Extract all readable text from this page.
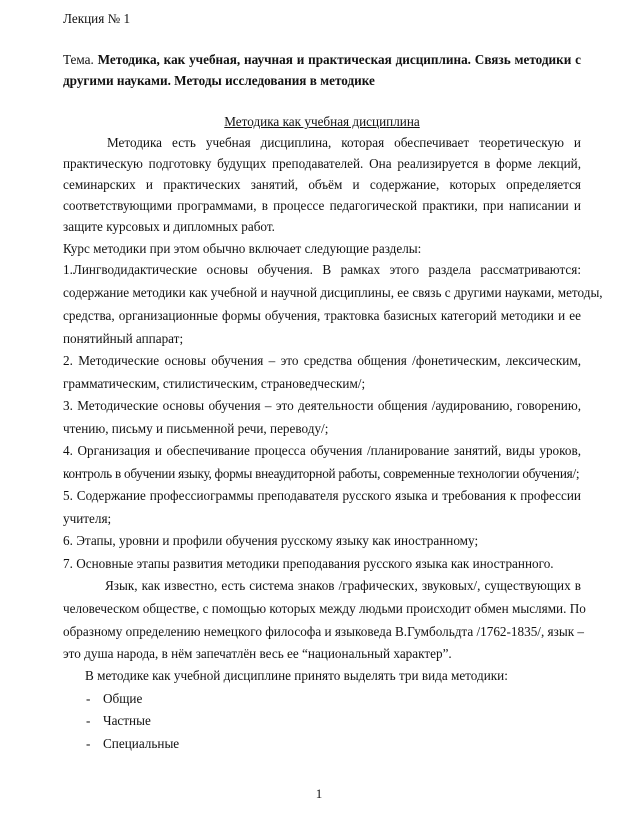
Лекция № 1
Тема. Методика, как учебная, научная и практическая дисциплина. Связь методики с
другими науками. Методы исследования в методике
Методика как учебная дисциплина
Методика есть учебная дисциплина, которая обеспечивает теоретическую и
практическую подготовку будущих преподавателей. Она реализируется в форме лекций,
семинарских и практических занятий, объём и содержание, которых определяется
соответствующими программами, в процессе педагогической практики, при написании и
защите курсовых и дипломных работ.
Курс методики при этом обычно включает следующие разделы:
1.Лингводидактические основы обучения. В рамках этого раздела рассматриваются:
содержание методики как учебной и научной дисциплины, ее связь с другими науками, методы,
средства, организационные формы обучения, трактовка базисных категорий методики и ее
понятийный аппарат;
2. Методические основы обучения – это средства общения /фонетическим, лексическим,
грамматическим, стилистическим, страноведческим/;
3. Методические основы обучения – это деятельности общения /аудированию, говорению,
чтению, письму и письменной речи, переводу/;
4. Организация и обеспечивание процесса обучения /планирование занятий, виды уроков,
контроль в обучении языку, формы внеаудиторной работы, современные технологии обучения/;
5. Содержание профессиограммы преподавателя русского языка и требования к профессии
учителя;
6. Этапы, уровни и профили обучения русскому языку как иностранному;
7. Основные этапы развития методики преподавания русского языка как иностранного.
Язык, как известно, есть система знаков /графических, звуковых/, существующих в
человеческом обществе, с помощью которых между людьми происходит обмен мыслями. По
образному определению немецкого философа и языковеда В.Гумбольдта /1762-1835/, язык –
это душа народа, в нём запечатлён весь ее “национальный характер”.
В методике как учебной дисциплине принято выделять три вида методики:
- Общие
- Частные
- Специальные
1
